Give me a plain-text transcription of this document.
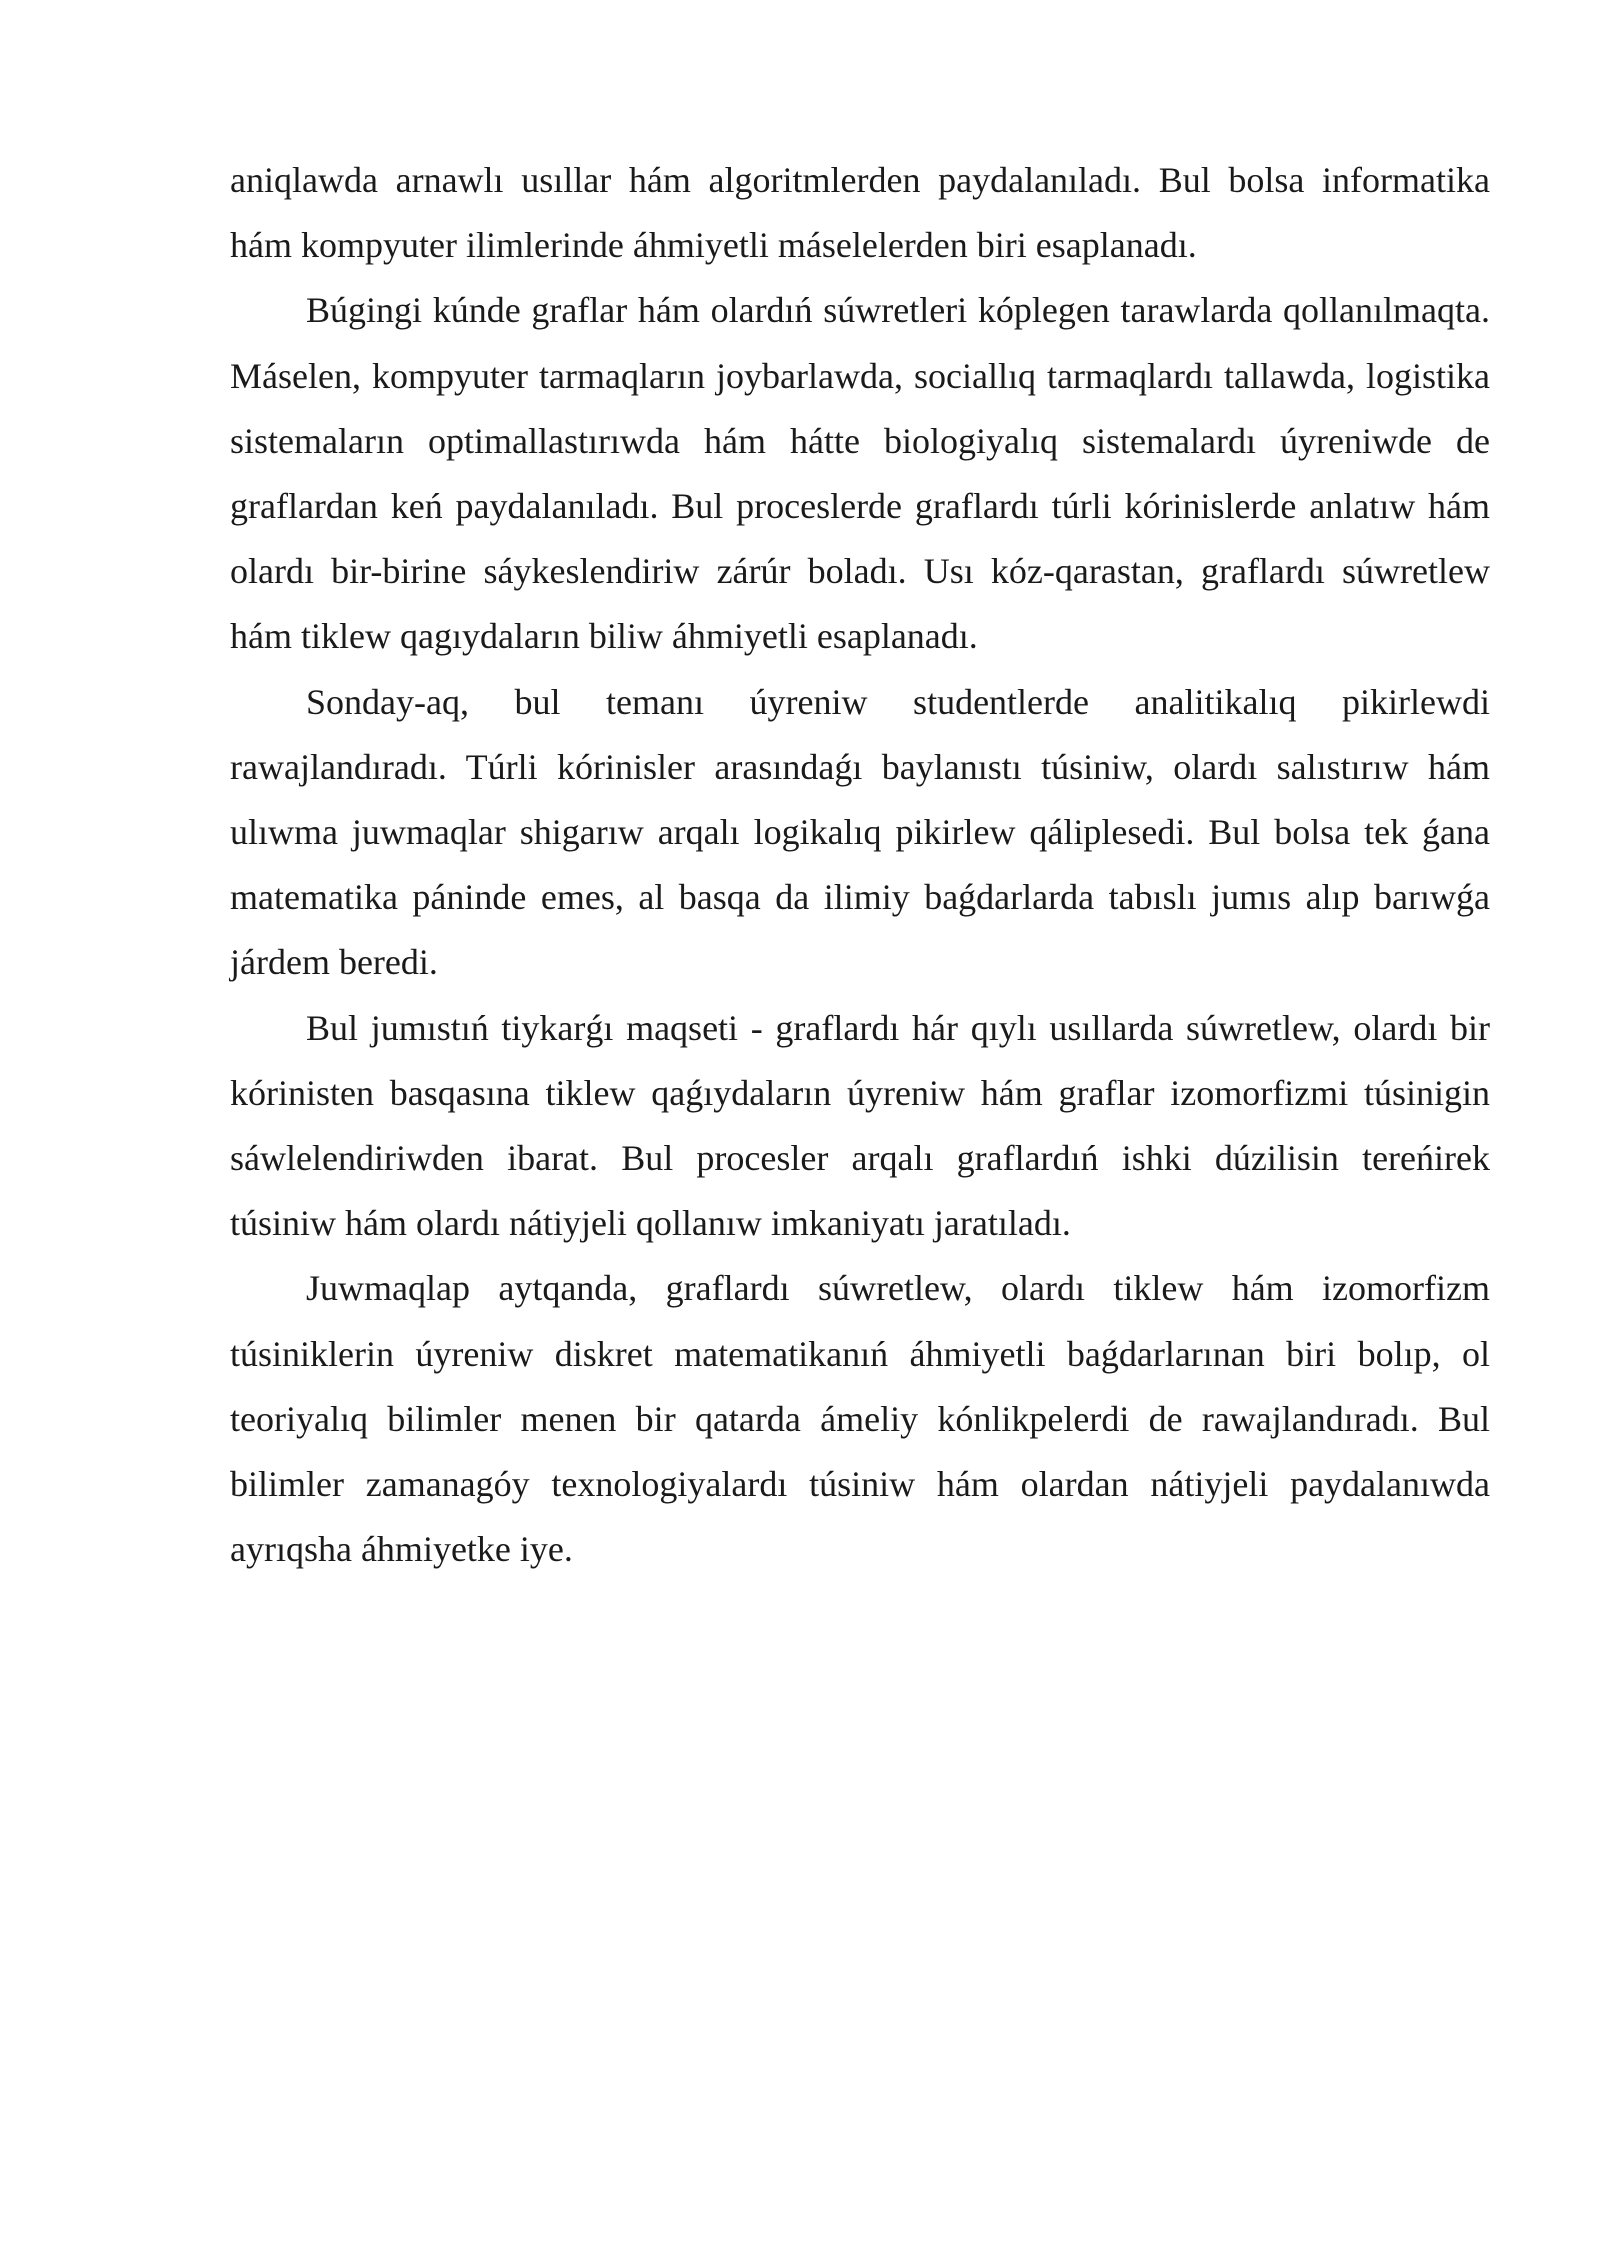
aniqlawda arnawlı usıllar hám algoritmlerden paydalanıladı. Bul bolsa informatika hám kompyuter ilimlerinde áhmiyetli máselelerden biri esaplanadı.

Búgingi kúnde graflar hám olardıń súwretleri kóplegen tarawlarda qollanılmaqta. Máselen, kompyuter tarmaqların joybarlawda, sociallıq tarmaqlardı tallawda, logistika sistemaların optimallastırıwda hám hátte biologiyalıq sistemalardı úyreniwde de graflardan keń paydalanıladı. Bul proceslerde graflardı túrli kórinislerde anlatıw hám olardı bir-birine sáykeslendiriw zárúr boladı. Usı kóz-qarastan, graflardı súwretlew hám tiklew qagıydaların biliw áhmiyetli esaplanadı.

Sonday-aq, bul temanı úyreniw studentlerde analitikalıq pikirlewdi rawajlandıradı. Túrli kórinisler arasındaǵı baylanıstı túsiniw, olardı salıstırıw hám ulıwma juwmaqlar shigarıw arqalı logikalıq pikirlew qáliplesedi. Bul bolsa tek ǵana matematika páninde emes, al basqa da ilimiy baǵdarlarda tabıslı jumıs alıp barıwǵa járdem beredi.

Bul jumıstıń tiykarǵı maqseti - graflardı hár qıylı usıllarda súwretlew, olardı bir kórinisten basqasına tiklew qaǵıydaların úyreniw hám graflar izomorfizmi túsinigin sáwlelendiriwden ibarat. Bul procesler arqalı graflardıń ishki dúzilisin tereńirek túsiniw hám olardı nátiyjeli qollanıw imkaniyatı jaratıladı.

Juwmaqlap aytqanda, graflardı súwretlew, olardı tiklew hám izomorfizm túsiniklerin úyreniw diskret matematikanıń áhmiyetli baǵdarlarınan biri bolıp, ol teoriyalıq bilimler menen bir qatarda ámeliy kónlikpelerdi de rawajlandıradı. Bul bilimler zamanagóy texnologiyalardı túsiniw hám olardan nátiyjeli paydalanıwda ayrıqsha áhmiyetke iye.
